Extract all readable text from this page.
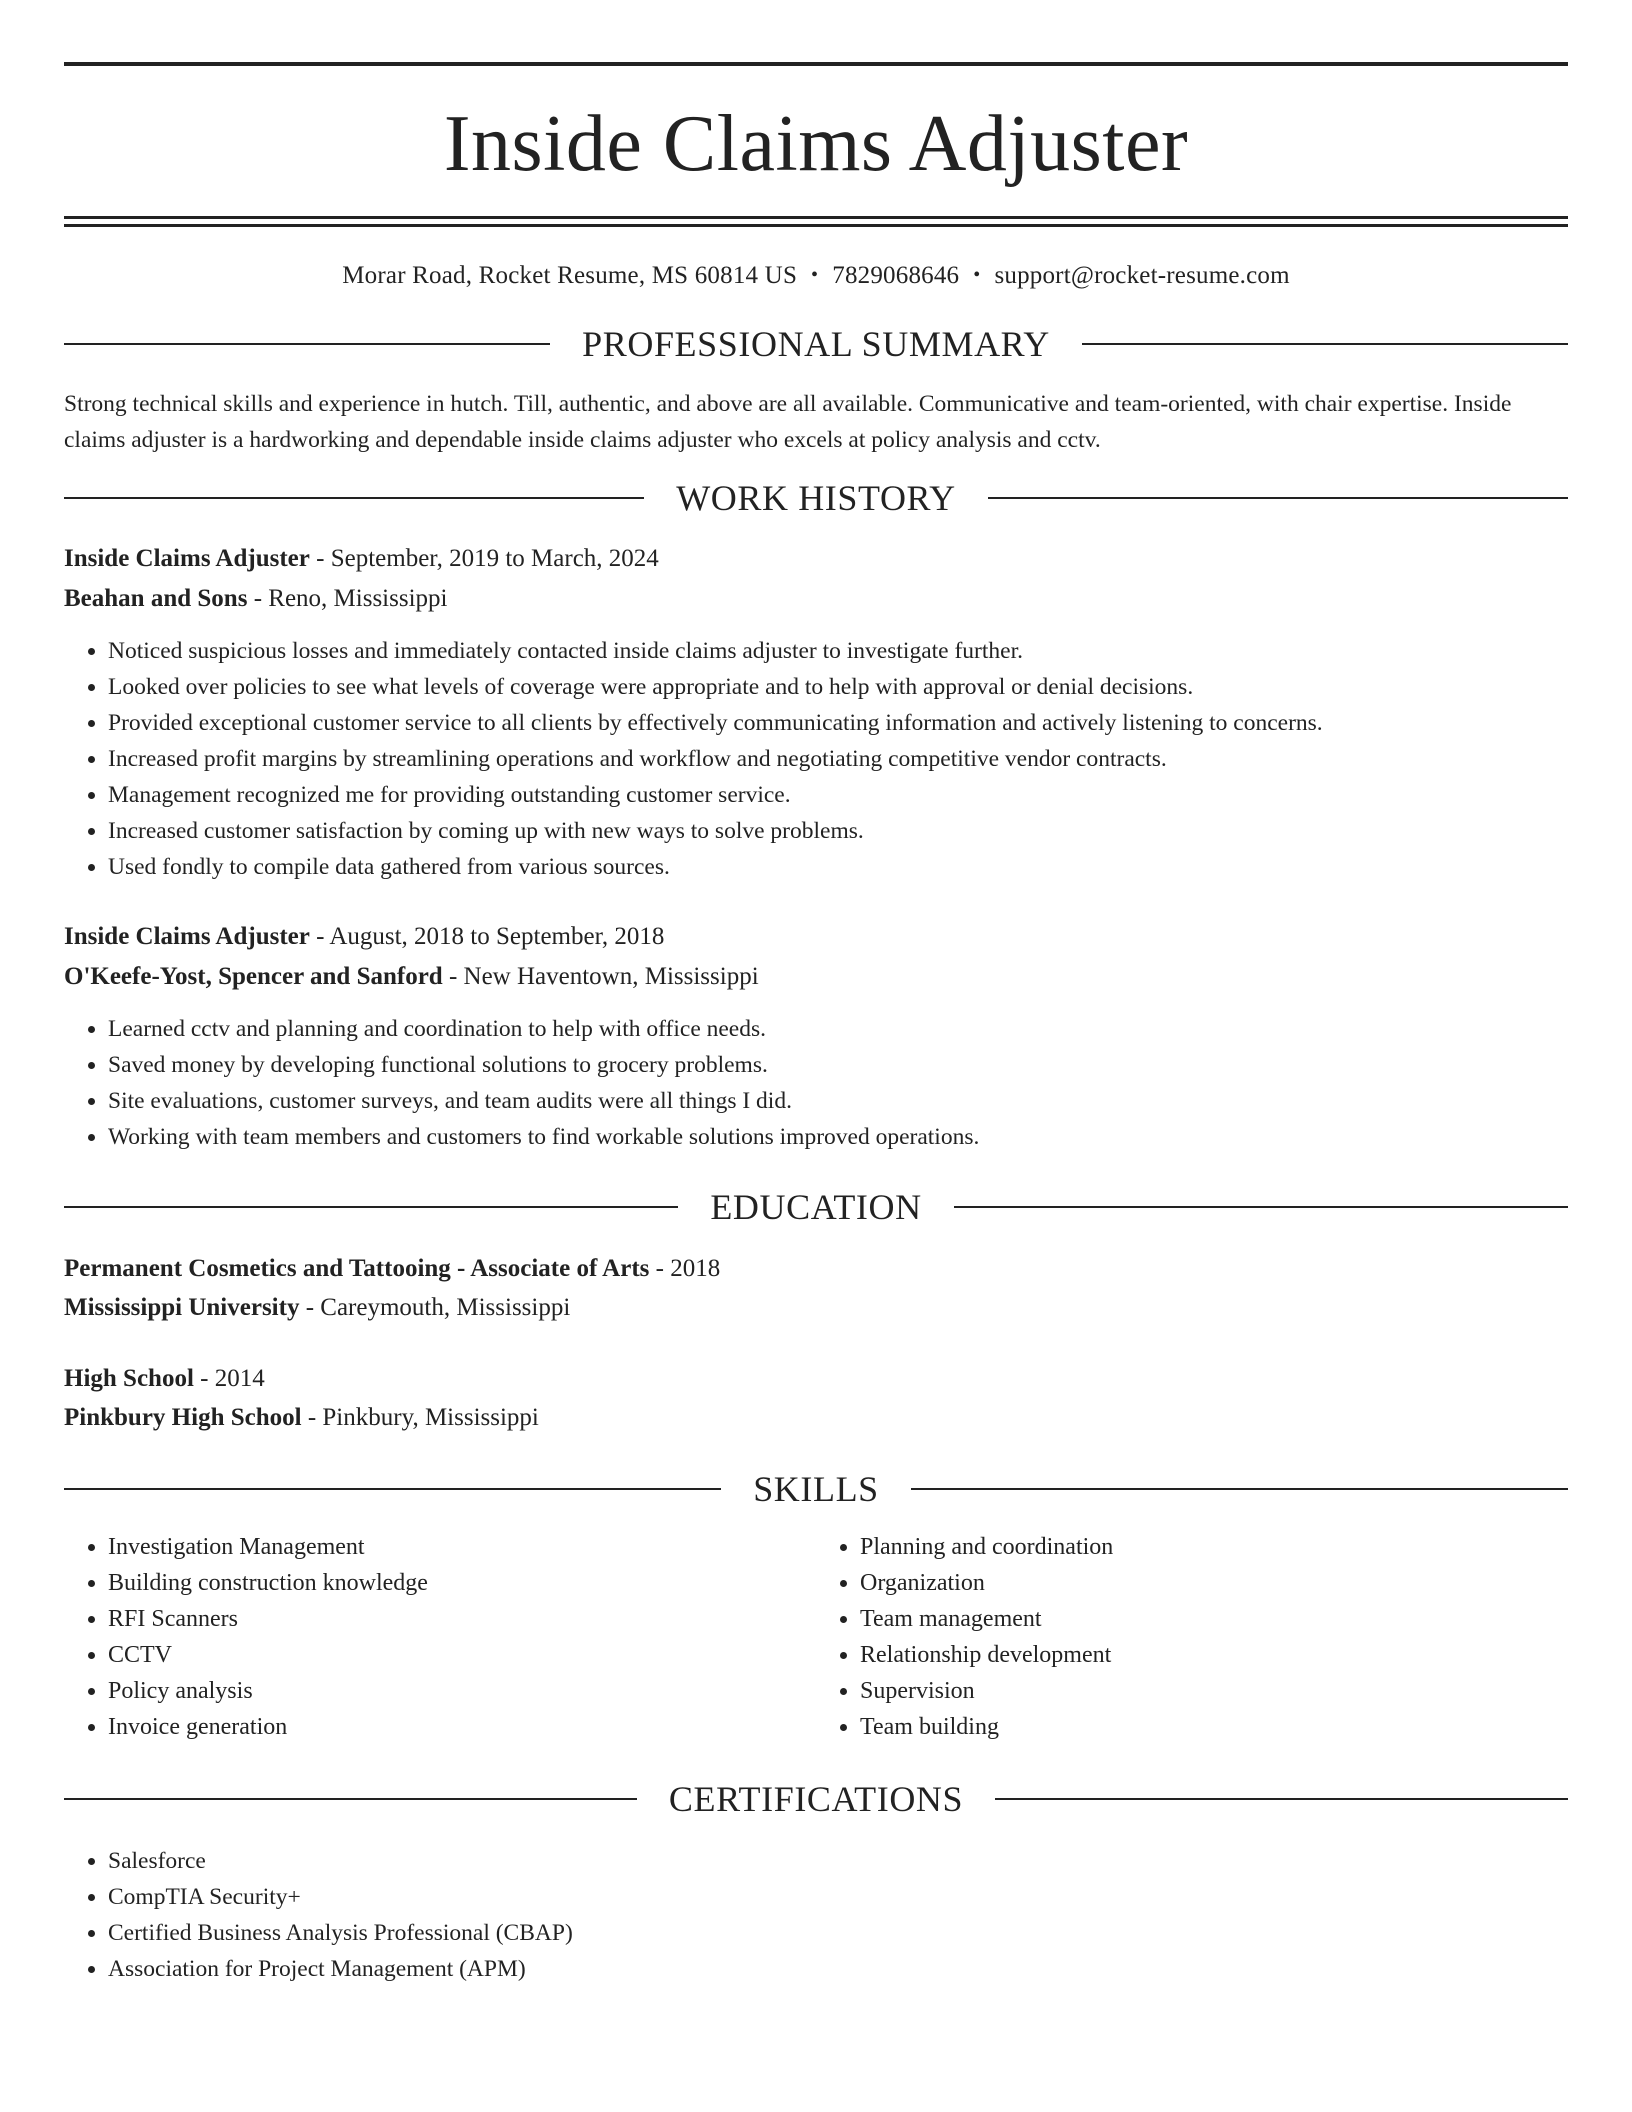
Inside Claims Adjuster
Morar Road, Rocket Resume, MS 60814 US • 7829068646 • support@rocket-resume.com
PROFESSIONAL SUMMARY

Strong technical skills and experience in hutch. Till, authentic, and above are all available. Communicative and team-oriented, with chair expertise. Inside claims adjuster is a hardworking and dependable inside claims adjuster who excels at policy analysis and cctv.

WORK HISTORY
Inside Claims Adjuster - September, 2019 to March, 2024
Beahan and Sons - Reno, Mississippi
• Noticed suspicious losses and immediately contacted inside claims adjuster to investigate further.
• Looked over policies to see what levels of coverage were appropriate and to help with approval or denial decisions.
• Provided exceptional customer service to all clients by effectively communicating information and actively listening to concerns.
• Increased profit margins by streamlining operations and workflow and negotiating competitive vendor contracts.
• Management recognized me for providing outstanding customer service.
• Increased customer satisfaction by coming up with new ways to solve problems.
• Used fondly to compile data gathered from various sources.
Inside Claims Adjuster - August, 2018 to September, 2018
O'Keefe-Yost, Spencer and Sanford - New Haventown, Mississippi
• Learned cctv and planning and coordination to help with office needs.
• Saved money by developing functional solutions to grocery problems.
• Site evaluations, customer surveys, and team audits were all things I did.
• Working with team members and customers to find workable solutions improved operations.
EDUCATION
Permanent Cosmetics and Tattooing - Associate of Arts - 2018
Mississippi University - Careymouth, Mississippi
High School - 2014
Pinkbury High School - Pinkbury, Mississippi
SKILLS
• Investigation Management
• Building construction knowledge
• RFI Scanners
• CCTV
• Policy analysis
• Invoice generation
• Planning and coordination
• Organization
• Team management
• Relationship development
• Supervision
• Team building
CERTIFICATIONS
• Salesforce
• CompTIA Security+
• Certified Business Analysis Professional (CBAP)
• Association for Project Management (APM)
